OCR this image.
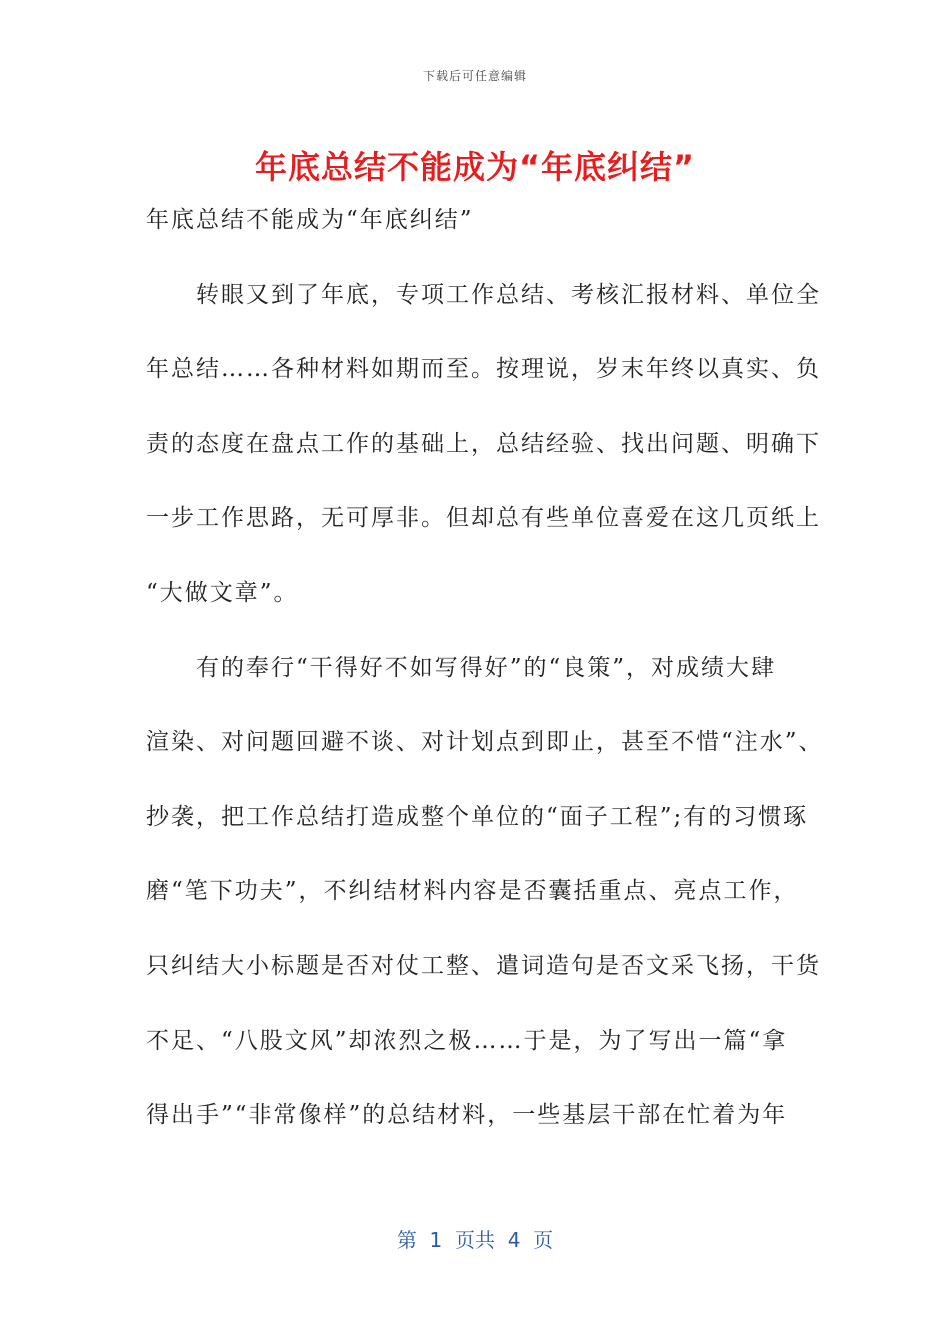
下载后可任意编辑
年底总结不能成为“年底纠结”
年底总结不能成为“年底纠结”
　　转眼又到了年底，专项工作总结、考核汇报材料、单位全
年总结……各种材料如期而至。按理说，岁末年终以真实、负
责的态度在盘点工作的基础上，总结经验、找出问题、明确下
一步工作思路，无可厚非。但却总有些单位喜爱在这几页纸上
“大做文章”。
　　有的奉行“干得好不如写得好”的“良策”，对成绩大肆
渲染、对问题回避不谈、对计划点到即止，甚至不惜“注水”、
抄袭，把工作总结打造成整个单位的“面子工程”;有的习惯琢
磨“笔下功夫”，不纠结材料内容是否囊括重点、亮点工作，
只纠结大小标题是否对仗工整、遣词造句是否文采飞扬，干货
不足、“八股文风”却浓烈之极……于是，为了写出一篇“拿
得出手”“非常像样”的总结材料，一些基层干部在忙着为年
第  1  页共  4  页
